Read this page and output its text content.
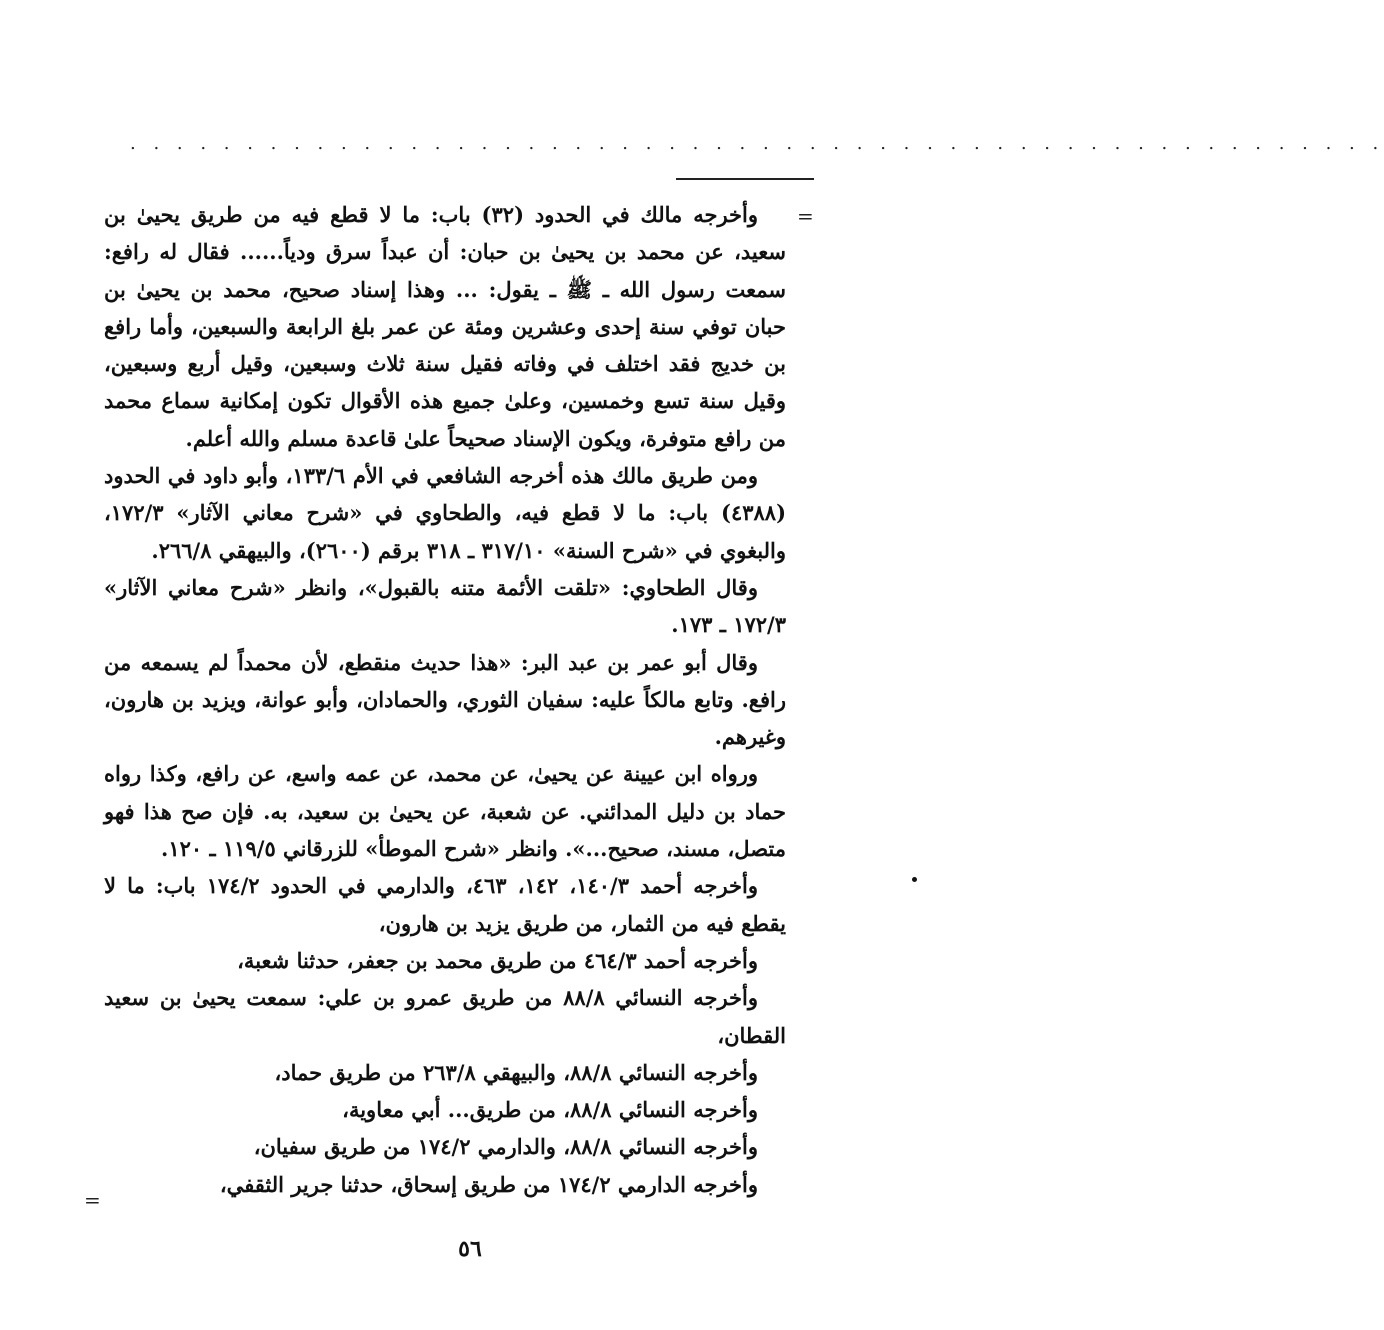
. . . . . . . . . . . . . . . . . . . . . . . . . . . . . . . . . . . . . . . . . . . . . . . . . . . . . .
=
=

وأخرجه مالك في الحدود (٣٢) باب: ما لا قطع فيه من طريق يحيىٰ بن سعيد، عن محمد بن يحيىٰ بن حبان: أن عبداً سرق ودياً...... فقال له رافع: سمعت رسول الله ـ ﷺ ـ يقول: ... وهذا إسناد صحيح، محمد بن يحيىٰ بن حبان توفي سنة إحدى وعشرين ومئة عن عمر بلغ الرابعة والسبعين، وأما رافع بن خديج فقد اختلف في وفاته فقيل سنة ثلاث وسبعين، وقيل أربع وسبعين، وقيل سنة تسع وخمسين، وعلىٰ جميع هذه الأقوال تكون إمكانية سماع محمد من رافع متوفرة، ويكون الإسناد صحيحاً علىٰ قاعدة مسلم والله أعلم.

ومن طريق مالك هذه أخرجه الشافعي في الأم ١٣٣/٦، وأبو داود في الحدود (٤٣٨٨) باب: ما لا قطع فيه، والطحاوي في «شرح معاني الآثار» ١٧٢/٣، والبغوي في «شرح السنة» ٣١٧/١٠ ـ ٣١٨ برقم (٢٦٠٠)، والبيهقي ٢٦٦/٨.

وقال الطحاوي: «تلقت الأئمة متنه بالقبول»، وانظر «شرح معاني الآثار» ١٧٢/٣ ـ ١٧٣.

وقال أبو عمر بن عبد البر: «هذا حديث منقطع، لأن محمداً لم يسمعه من رافع. وتابع مالكاً عليه: سفيان الثوري، والحمادان، وأبو عوانة، ويزيد بن هارون، وغيرهم.

ورواه ابن عيينة عن يحيىٰ، عن محمد، عن عمه واسع، عن رافع، وكذا رواه حماد بن دليل المدائني. عن شعبة، عن يحيىٰ بن سعيد، به. فإن صح هذا فهو متصل، مسند، صحيح...». وانظر «شرح الموطأ» للزرقاني ١١٩/٥ ـ ١٢٠.

وأخرجه أحمد ١٤٠/٣، ١٤٢، ٤٦٣، والدارمي في الحدود ١٧٤/٢ باب: ما لا يقطع فيه من الثمار، من طريق يزيد بن هارون،

وأخرجه أحمد ٤٦٤/٣ من طريق محمد بن جعفر، حدثنا شعبة،

وأخرجه النسائي ٨٨/٨ من طريق عمرو بن علي: سمعت يحيىٰ بن سعيد القطان،

وأخرجه النسائي ٨٨/٨، والبيهقي ٢٦٣/٨ من طريق حماد،

وأخرجه النسائي ٨٨/٨، من طريق... أبي معاوية،

وأخرجه النسائي ٨٨/٨، والدارمي ١٧٤/٢ من طريق سفيان،

وأخرجه الدارمي ١٧٤/٢ من طريق إسحاق، حدثنا جرير الثقفي،

٥٦
